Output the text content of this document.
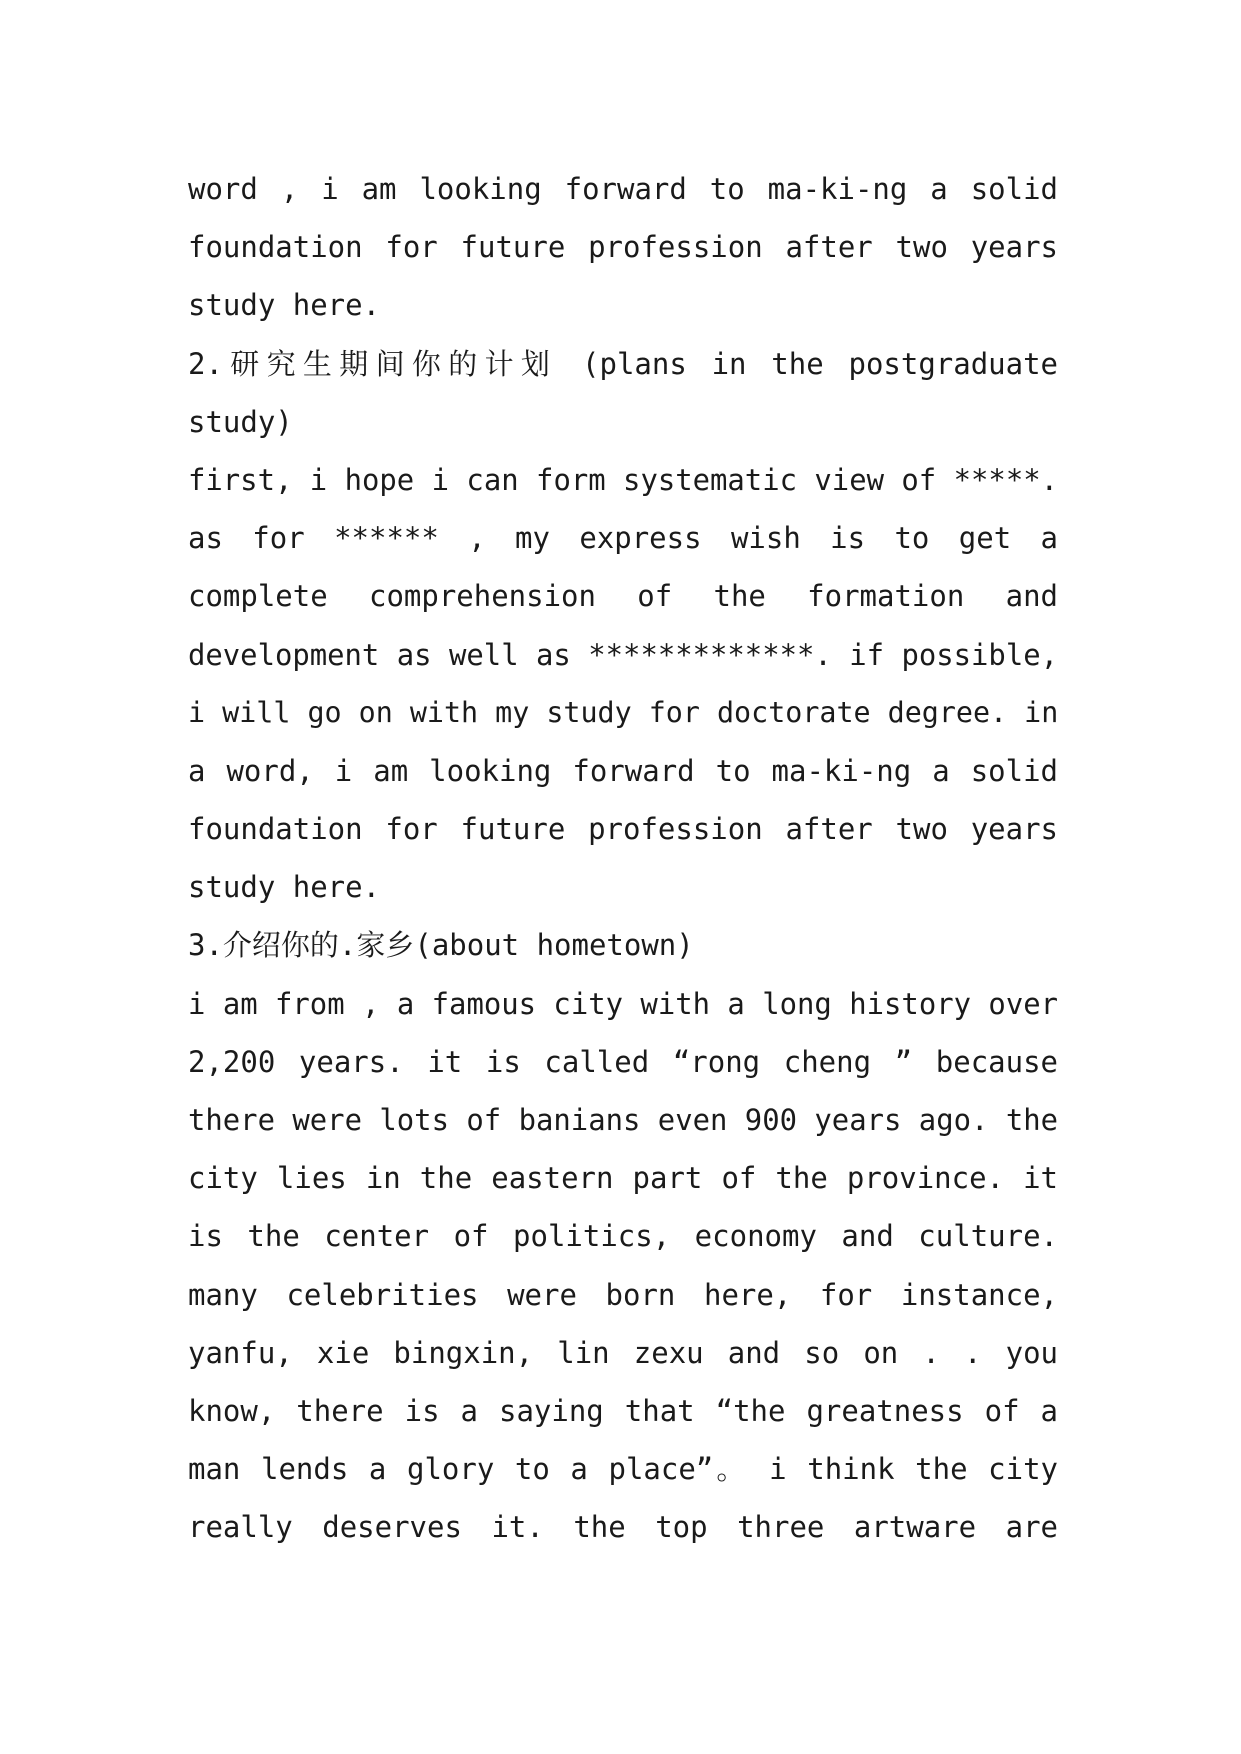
word , i am looking forward to ma-ki-ng a solid
foundation for future profession after two years
study here.
2.研究生期间你的计划 (plans in the postgraduate
study)
first, i hope i can form systematic view of *****.
as for ****** , my express wish is to get a
complete comprehension of the formation and
development as well as *************. if possible,
i will go on with my study for doctorate degree. in
a word, i am looking forward to ma-ki-ng a solid
foundation for future profession after two years
study here.
3.介绍你的.家乡(about hometown)
i am from , a famous city with a long history over
2,200 years. it is called “rong cheng ” because
there were lots of banians even 900 years ago. the
city lies in the eastern part of the province. it
is the center of politics, economy and culture.
many celebrities were born here, for instance,
yanfu, xie bingxin, lin zexu and so on . . you
know, there is a saying that “the greatness of a
man lends a glory to a place”。 i think the city
really deserves it. the top three artware are
